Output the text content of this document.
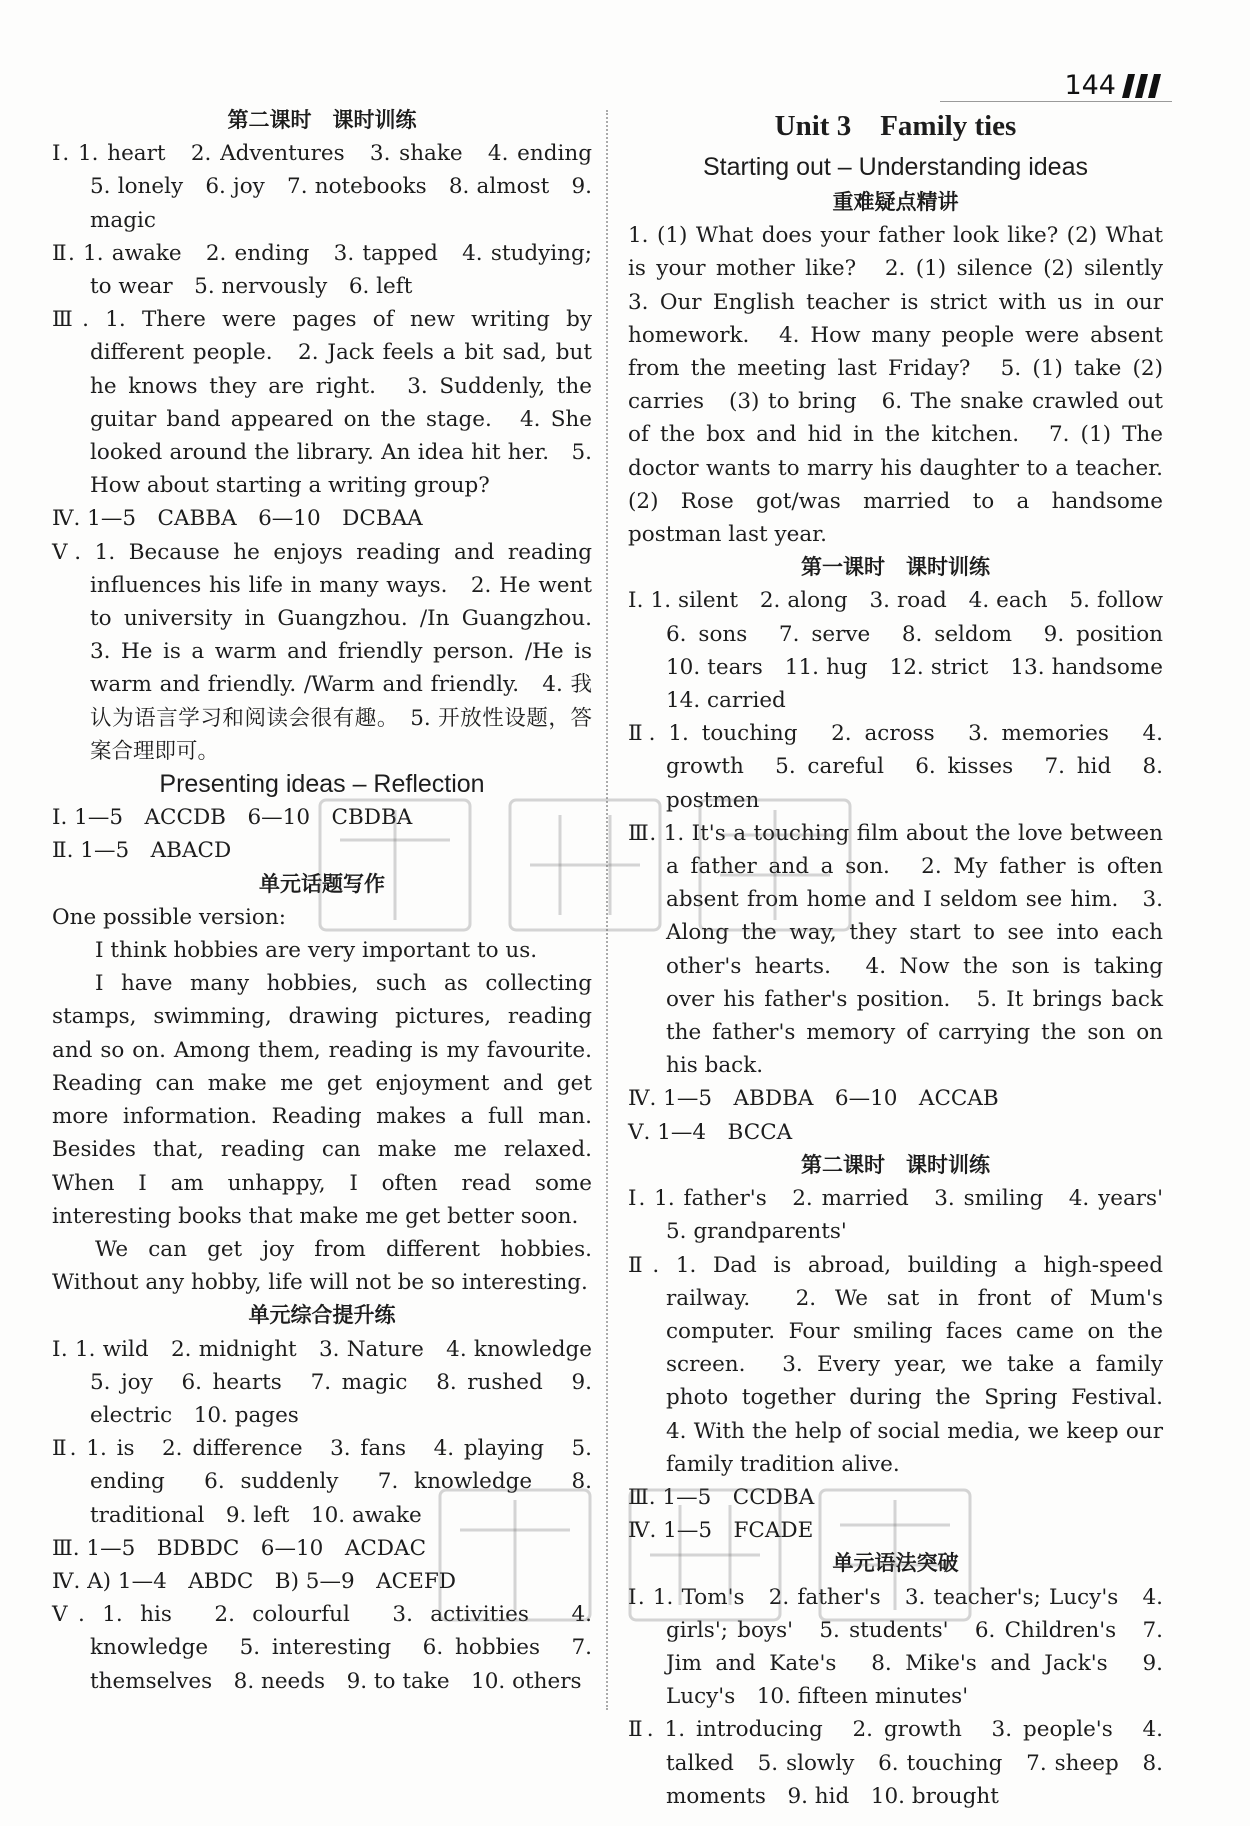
144
第二课时　课时训练
Ⅰ. 1. heart　2. Adventures　3. shake　4. ending　5. lonely　6. joy　7. notebooks　8. almost　9. magic
Ⅱ. 1. awake　2. ending　3. tapped　4. studying; to wear　5. nervously　6. left
Ⅲ. 1. There were pages of new writing by different people.　2. Jack feels a bit sad, but he knows they are right.　3. Suddenly, the guitar band appeared on the stage.　4. She looked around the library. An idea hit her.　5. How about starting a writing group?
Ⅳ. 1—5　CABBA　6—10　DCBAA
Ⅴ. 1. Because he enjoys reading and reading influences his life in many ways.　2. He went to university in Guangzhou. /In Guangzhou.　3. He is a warm and friendly person. /He is warm and friendly. /Warm and friendly.　4. 我认为语言学习和阅读会很有趣。　5. 开放性设题，答案合理即可。
Presenting ideas – Reflection
Ⅰ. 1—5　ACCDB　6—10　CBDBA
Ⅱ. 1—5　ABACD
单元话题写作
One possible version:
I think hobbies are very important to us.
I have many hobbies, such as collecting stamps, swimming, drawing pictures, reading and so on. Among them, reading is my favourite. Reading can make me get enjoyment and get more information. Reading makes a full man. Besides that, reading can make me relaxed. When I am unhappy, I often read some interesting books that make me get better soon.
We can get joy from different hobbies. Without any hobby, life will not be so interesting.
单元综合提升练
Ⅰ. 1. wild　2. midnight　3. Nature　4. knowledge　5. joy　6. hearts　7. magic　8. rushed　9. electric　10. pages
Ⅱ. 1. is　2. difference　3. fans　4. playing　5. ending　6. suddenly　7. knowledge　8. traditional　9. left　10. awake
Ⅲ. 1—5　BDBDC　6—10　ACDAC
Ⅳ. A) 1—4　ABDC　B) 5—9　ACEFD
Ⅴ. 1. his　2. colourful　3. activities　4. knowledge　5. interesting　6. hobbies　7. themselves　8. needs　9. to take　10. others
Unit 3　Family ties
Starting out – Understanding ideas
重难疑点精讲
1. (1) What does your father look like? (2) What is your mother like?　2. (1) silence (2) silently　3. Our English teacher is strict with us in our homework.　4. How many people were absent from the meeting last Friday?　5. (1) take (2) carries　(3) to bring　6. The snake crawled out of the box and hid in the kitchen.　7. (1) The doctor wants to marry his daughter to a teacher. (2) Rose got/was married to a handsome postman last year.
第一课时　课时训练
Ⅰ. 1. silent　2. along　3. road　4. each　5. follow　6. sons　7. serve　8. seldom　9. position　10. tears　11. hug　12. strict　13. handsome　14. carried
Ⅱ. 1. touching　2. across　3. memories　4. growth　5. careful　6. kisses　7. hid　8. postmen
Ⅲ. 1. It's a touching film about the love between a father and a son.　2. My father is often absent from home and I seldom see him.　3. Along the way, they start to see into each other's hearts.　4. Now the son is taking over his father's position.　5. It brings back the father's memory of carrying the son on his back.
Ⅳ. 1—5　ABDBA　6—10　ACCAB
Ⅴ. 1—4　BCCA
第二课时　课时训练
Ⅰ. 1. father's　2. married　3. smiling　4. years'　5. grandparents'
Ⅱ. 1. Dad is abroad, building a high-speed railway.　2. We sat in front of Mum's computer. Four smiling faces came on the screen.　3. Every year, we take a family photo together during the Spring Festival.　4. With the help of social media, we keep our family tradition alive.
Ⅲ. 1—5　CCDBA
Ⅳ. 1—5　FCADE
单元语法突破
Ⅰ. 1. Tom's　2. father's　3. teacher's; Lucy's　4. girls'; boys'　5. students'　6. Children's　7. Jim and Kate's　8. Mike's and Jack's　9. Lucy's　10. fifteen minutes'
Ⅱ. 1. introducing　2. growth　3. people's　4. talked　5. slowly　6. touching　7. sheep　8. moments　9. hid　10. brought
